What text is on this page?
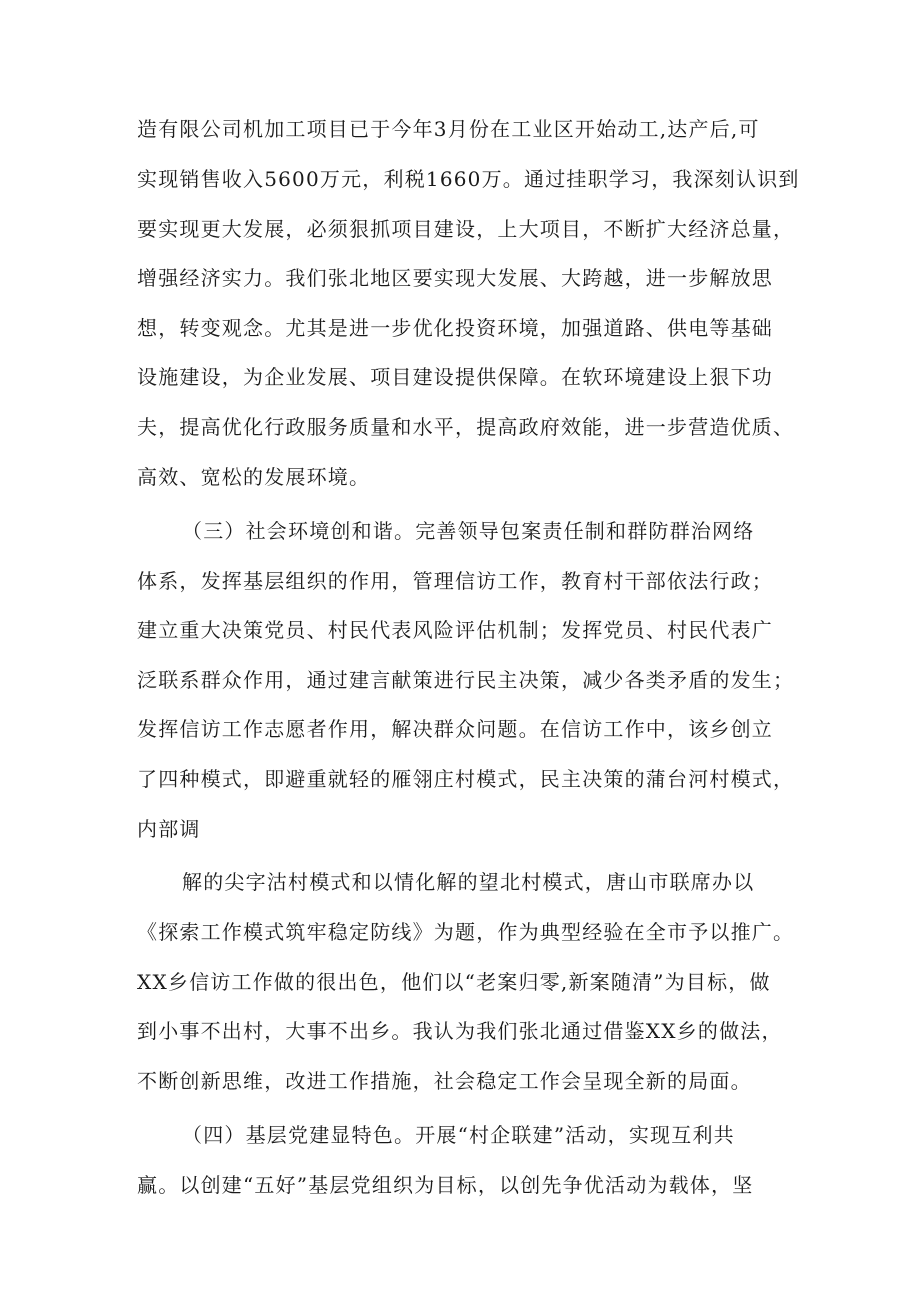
造有限公司机加工项目已于今年3月份在工业区开始动工,达产后,可

实现销售收入5600万元，利税1660万。通过挂职学习，我深刻认识到

要实现更大发展，必须狠抓项目建设，上大项目，不断扩大经济总量，

增强经济实力。我们张北地区要实现大发展、大跨越，进一步解放思

想，转变观念。尤其是进一步优化投资环境，加强道路、供电等基础

设施建设，为企业发展、项目建设提供保障。在软环境建设上狠下功

夫，提高优化行政服务质量和水平，提高政府效能，进一步营造优质、

高效、宽松的发展环境。

（三）社会环境创和谐。完善领导包案责任制和群防群治网络

体系，发挥基层组织的作用，管理信访工作，教育村干部依法行政；

建立重大决策党员、村民代表风险评估机制；发挥党员、村民代表广

泛联系群众作用，通过建言献策进行民主决策，减少各类矛盾的发生；

发挥信访工作志愿者作用，解决群众问题。在信访工作中，该乡创立

了四种模式，即避重就轻的雁翎庄村模式，民主决策的蒲台河村模式，

内部调

解的尖字沽村模式和以情化解的望北村模式，唐山市联席办以

《探索工作模式筑牢稳定防线》为题，作为典型经验在全市予以推广。

XX乡信访工作做的很出色，他们以“老案归零,新案随清”为目标，做

到小事不出村，大事不出乡。我认为我们张北通过借鉴XX乡的做法，

不断创新思维，改进工作措施，社会稳定工作会呈现全新的局面。

（四）基层党建显特色。开展“村企联建”活动，实现互利共

赢。以创建“五好”基层党组织为目标，以创先争优活动为载体，坚
